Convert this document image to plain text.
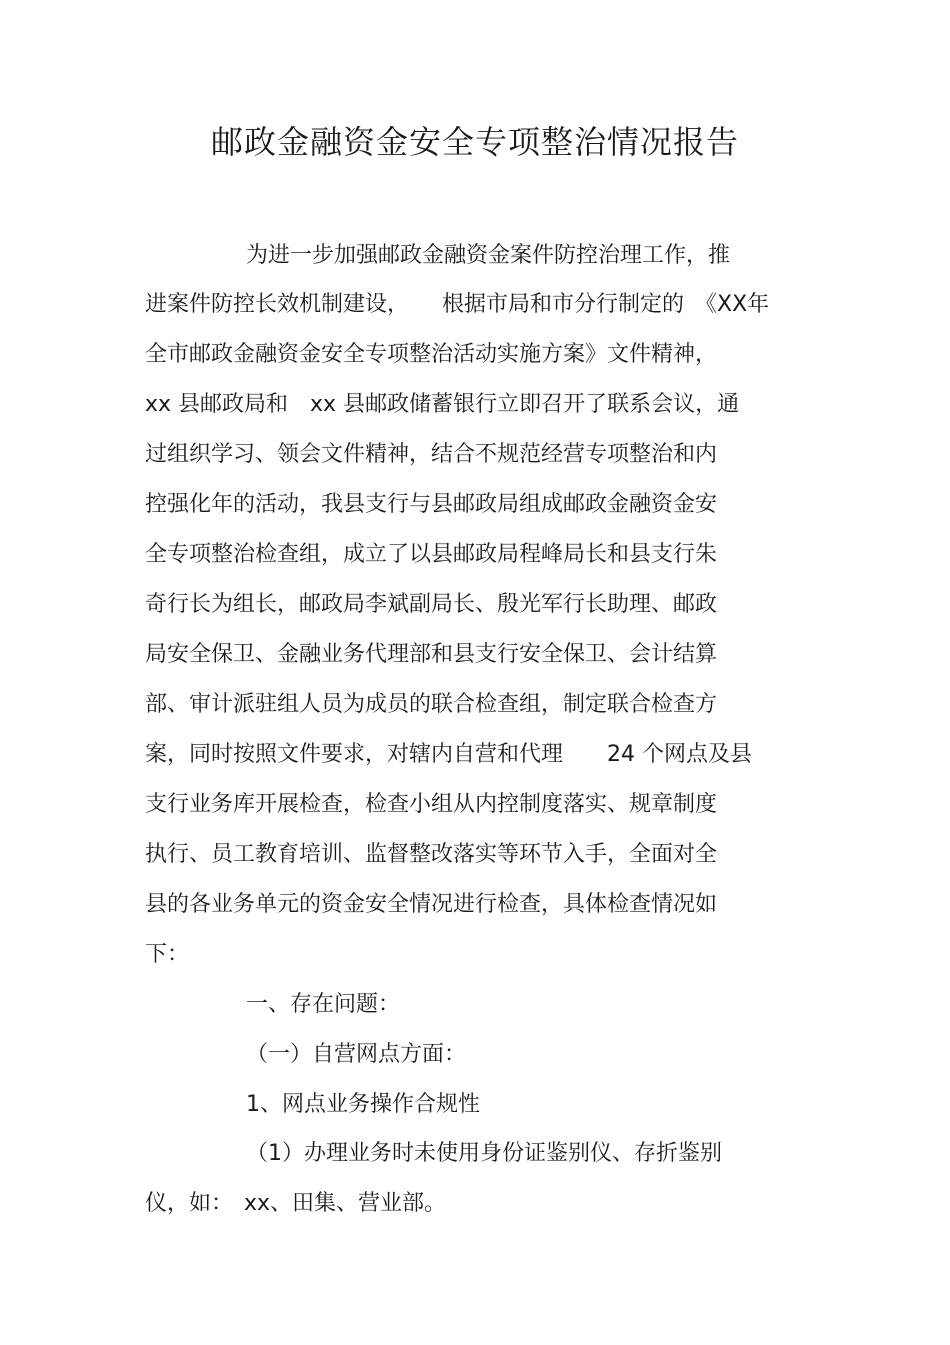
邮政金融资金安全专项整治情况报告
为进一步加强邮政金融资金案件防控治理工作，推
进案件防控长效机制建设，　　根据市局和市分行制定的　《XX年
全市邮政金融资金安全专项整治活动实施方案》文件精神，
xx 县邮政局和　xx 县邮政储蓄银行立即召开了联系会议，通
过组织学习、领会文件精神，结合不规范经营专项整治和内
控强化年的活动，我县支行与县邮政局组成邮政金融资金安
全专项整治检查组，成立了以县邮政局程峰局长和县支行朱
奇行长为组长，邮政局李斌副局长、殷光军行长助理、邮政
局安全保卫、金融业务代理部和县支行安全保卫、会计结算
部、审计派驻组人员为成员的联合检查组，制定联合检查方
案，同时按照文件要求，对辖内自营和代理　　24 个网点及县
支行业务库开展检查，检查小组从内控制度落实、规章制度
执行、员工教育培训、监督整改落实等环节入手，全面对全
县的各业务单元的资金安全情况进行检查，具体检查情况如
下：
一、存在问题：
（一）自营网点方面：
1、网点业务操作合规性
（1）办理业务时未使用身份证鉴别仪、存折鉴别
仪，如：　xx、田集、营业部。
